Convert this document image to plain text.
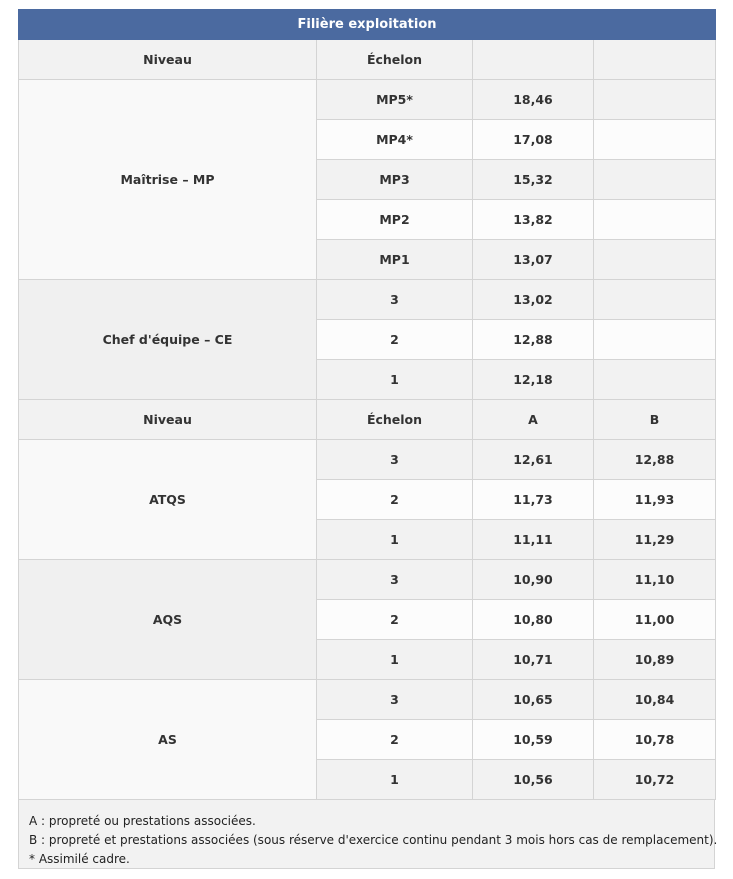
Filière exploitation			
Niveau	Échelon		
Maîtrise – MP	MP5*	18,46	
	MP4*	17,08	
	MP3	15,32	
	MP2	13,82	
	MP1	13,07	
Chef d'équipe – CE	3	13,02	
	2	12,88	
	1	12,18	
Niveau	Échelon	A	B
ATQS	3	12,61	12,88
	2	11,73	11,93
	1	11,11	11,29
AQS	3	10,90	11,10
	2	10,80	11,00
	1	10,71	10,89
AS	3	10,65	10,84
	2	10,59	10,78
	1	10,56	10,72
A : propreté ou prestations associées.
B : propreté et prestations associées (sous réserve d'exercice continu pendant 3 mois hors cas de remplacement).
* Assimilé cadre.
